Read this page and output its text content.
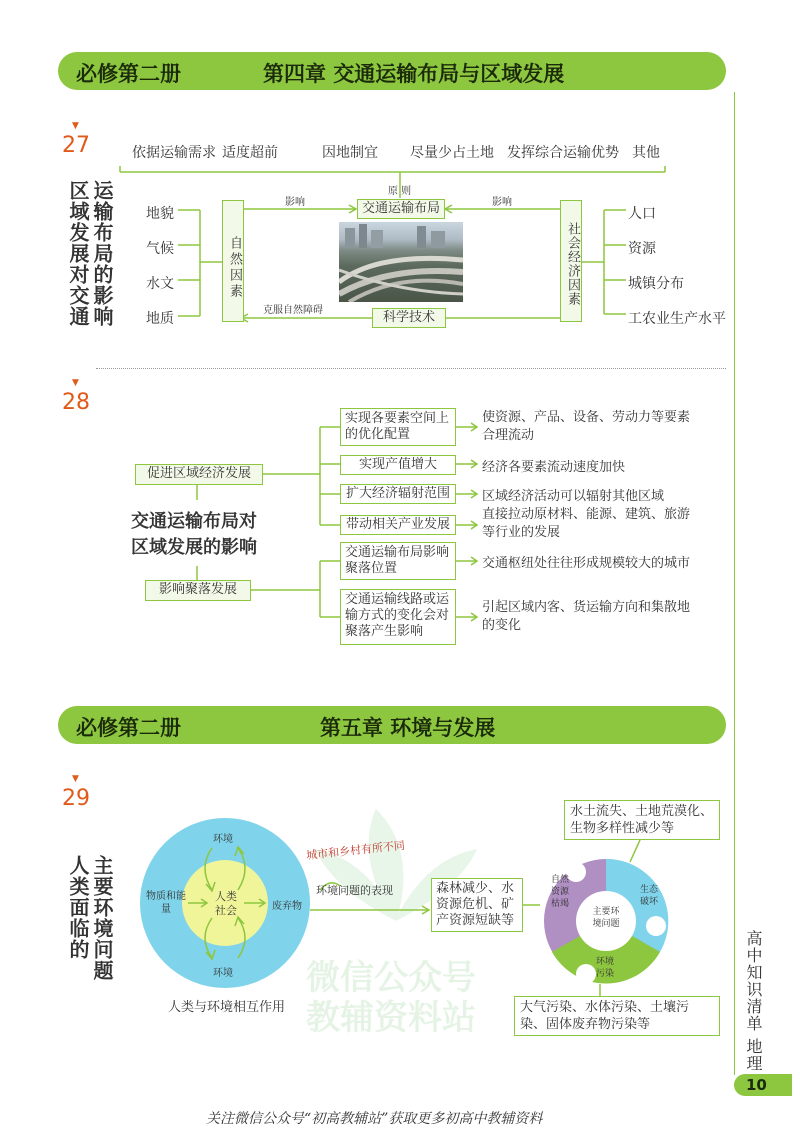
必修第二册	第四章 交通运输布局与区域发展
▼
27
运输布局的影响
区域发展对交通
依据运输需求 适度超前	因地制宜 尽量少占土地 发挥综合运输优势 其他
原 则
地貌
气候
水文
地质
自然因素	社会经济因素
影响	影响
交通运输布局
科学技术
克服自然障碍
人口
资源
城镇分布
工农业生产水平
▼
28
促进区域经济发展
交通运输布局对
区域发展的影响
影响聚落发展
实现各要素空间上的优化配置
实现产值增大
扩大经济辐射范围
带动相关产业发展
交通运输布局影响聚落位置
交通运输线路或运输方式的变化会对聚落产生影响
使资源、产品、设备、劳动力等要素合理流动
经济各要素流动速度加快
区域经济活动可以辐射其他区域
直接拉动原材料、能源、建筑、旅游等行业的发展
交通枢纽处往往形成规模较大的城市
引起区域内客、货运输方向和集散地的变化
必修第二册	第五章 环境与发展
▼
29
主要环境问题
人类面临的
微信公众号
教辅资料站
环境
环境
人类社会
物质和能量	废弃物
人类与环境相互作用
城市和乡村有所不同
环境问题的表现	森林减少、水资源危机、矿产资源短缺等
水土流失、土地荒漠化、生物多样性减少等
大气污染、水体污染、土壤污染、固体废弃物污染等
主要环境问题
自然资源枯竭
生态破坏
环境污染	高中知识清单 地理
10
关注微信公众号“初高教辅站”获取更多初高中教辅资料
